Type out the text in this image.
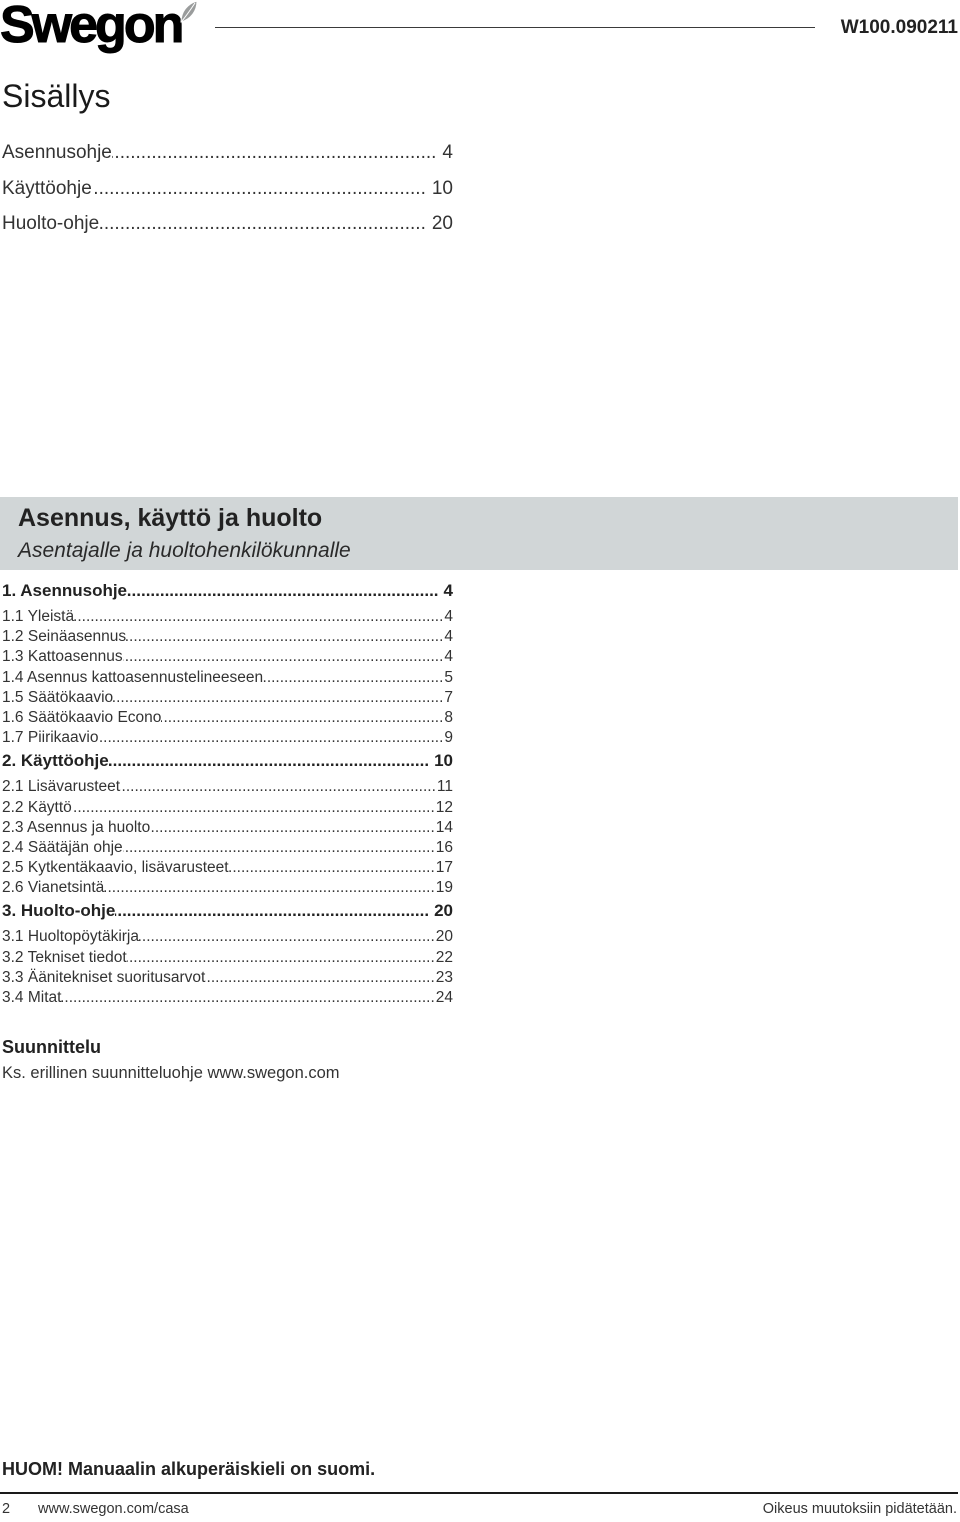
Swegon	W100.090211
Sisällys
Asennusohje .....	4
Käyttöohje .....	10
Huolto-ohje .....	20
Asennus, käyttö ja huolto
Asentajalle ja huoltohenkilökunnalle
1. Asennusohje .....	4
1.1 Yleistä .....	4
1.2 Seinäasennus .....	4
1.3 Kattoasennus .....	4
1.4 Asennus kattoasennustelineeseen .....	5
1.5 Säätökaavio .....	7
1.6 Säätökaavio Econo .....	8
1.7 Piirikaavio .....	9
2. Käyttöohje .....	10
2.1 Lisävarusteet .....	11
2.2 Käyttö .....	12
2.3 Asennus ja huolto .....	14
2.4 Säätäjän ohje .....	16
2.5 Kytkentäkaavio, lisävarusteet .....	17
2.6 Vianetsintä .....	19
3. Huolto-ohje .....	20
3.1 Huoltopöytäkirja .....	20
3.2 Tekniset tiedot .....	22
3.3 Äänitekniset suoritusarvot .....	23
3.4 Mitat .....	24
Suunnittelu
Ks. erillinen suunnitteluohje www.swegon.com
HUOM! Manuaalin alkuperäiskieli on suomi.
2 www.swegon.com/casa	Oikeus muutoksiin pidätetään.
